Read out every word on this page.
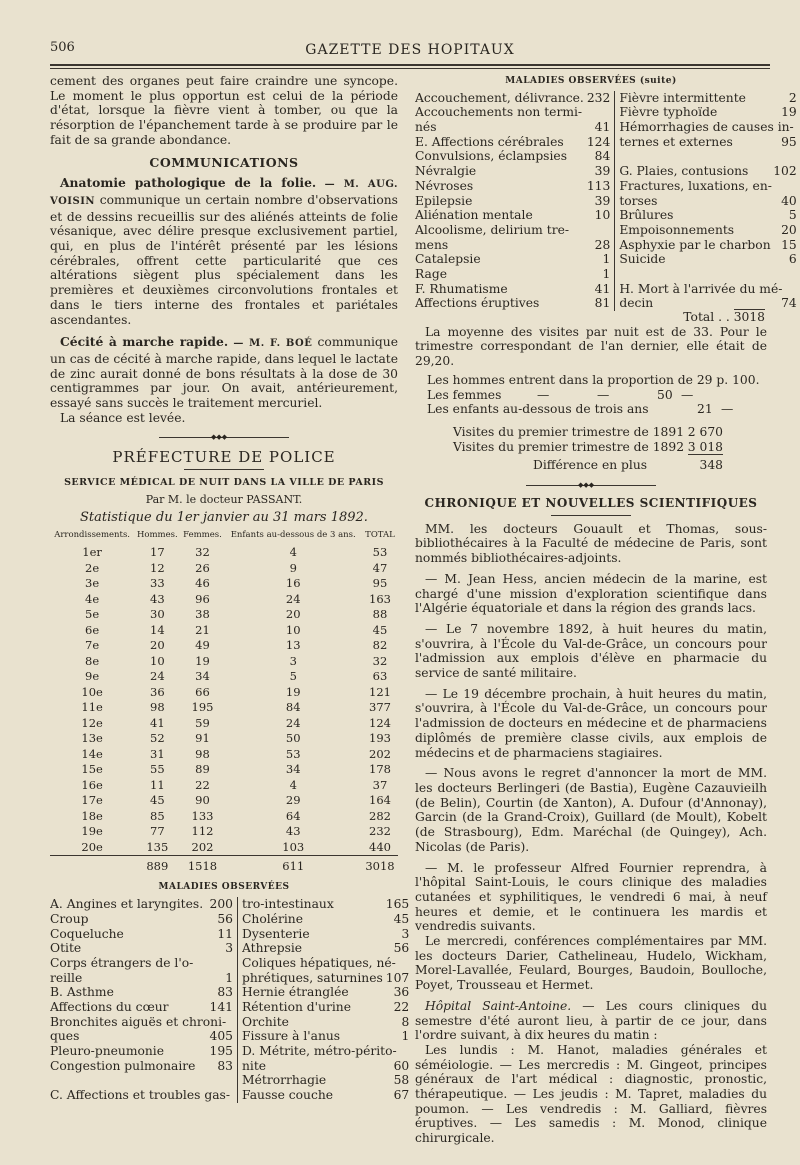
506	GAZETTE DES HOPITAUX

cement des organes peut faire craindre une syncope. Le moment le plus opportun est celui de la période d'état, lorsque la fièvre vient à tomber, ou que la résorption de l'épanchement tarde à se produire par le fait de sa grande abondance.

COMMUNICATIONS

Anatomie pathologique de la folie. — M. AUG. VOISIN communique un certain nombre d'observations et de dessins recueillis sur des aliénés atteints de folie vésanique, avec délire presque exclusivement partiel, qui, en plus de l'intérêt présenté par les lésions cérébrales, offrent cette particularité que ces altérations siègent plus spécialement dans les premières et deuxièmes circonvolutions frontales et dans le tiers interne des frontales et pariétales ascendantes.

Cécité à marche rapide. — M. F. BOÉ communique un cas de cécité à marche rapide, dans lequel le lactate de zinc aurait donné de bons résultats à la dose de 30 centigrammes par jour. On avait, antérieurement, essayé sans succès le traitement mercuriel.

La séance est levée.

◆◆◆
PRÉFECTURE DE POLICE
SERVICE MÉDICAL DE NUIT DANS LA VILLE DE PARIS
Par M. le docteur PASSANT.
Statistique du 1er janvier au 31 mars 1892.
Arrondissements.	Hommes.	Femmes.	Enfants au-dessous de 3 ans.	TOTAL
1er	17	32	4	53
2e	12	26	9	47
3e	33	46	16	95
4e	43	96	24	163
5e	30	38	20	88
6e	14	21	10	45
7e	20	49	13	82
8e	10	19	3	32
9e	24	34	5	63
10e	36	66	19	121
11e	98	195	84	377
12e	41	59	24	124
13e	52	91	50	193
14e	31	98	53	202
15e	55	89	34	178
16e	11	22	4	37
17e	45	90	29	164
18e	85	133	64	282
19e	77	112	43	232
20e	135	202	103	440
	889	1518	611	3018
MALADIES OBSERVÉES
A. Angines et laryngites. 200
Croup	56
Coqueluche	11
Otite	3
Corps étrangers de l'o-
reille	1
B. Asthme	83
Affections du cœur	141
Bronchites aiguës et chroni-
ques	405
Pleuro-pneumonie	195
Congestion pulmonaire 83
C. Affections et troubles gas-
tro-intestinaux	165
Cholérine	45
Dysenterie	3
Athrepsie	56
Coliques hépatiques, né-
phrétiques, saturnines 107
Hernie étranglée	36
Rétention d'urine	22
Orchite	8
Fissure à l'anus	1
D. Métrite, métro-périto-
nite	60
Métrorrhagie	58
Fausse couche	67
MALADIES OBSERVÉES (suite)
Accouchement, délivrance. 232
Accouchements non termi-
nés	41
E. Affections cérébrales 124
Convulsions, éclampsies 84
Névralgie	39
Névroses	113
Epilepsie	39
Aliénation mentale	10
Alcoolisme, delirium tre-
mens	28
Catalepsie	1
Rage	1
F. Rhumatisme	41
Affections éruptives	81
Fièvre intermittente	2
Fièvre typhoïde	19
Hémorrhagies de causes in-
ternes et externes	95
G. Plaies, contusions 102
Fractures, luxations, en-
torses	40
Brûlures	5
Empoisonnements	20
Asphyxie par le charbon 15
Suicide	6
H. Mort à l'arrivée du mé-
decin	74
Total . . 3018

La moyenne des visites par nuit est de 33. Pour le trimestre correspondant de l'an dernier, elle était de 29,20.

Les hommes entrent dans la proportion de 29 p. 100.
Les femmes	—	—	50 —
Les enfants au-dessous de trois ans	21 —
Visites du premier trimestre de 1891 2 670
Visites du premier trimestre de 1892 3 018
Différence en plus	348
◆◆◆
CHRONIQUE ET NOUVELLES SCIENTIFIQUES

MM. les docteurs Gouault et Thomas, sous-bibliothécaires à la Faculté de médecine de Paris, sont nommés bibliothécaires-adjoints.

— M. Jean Hess, ancien médecin de la marine, est chargé d'une mission d'exploration scientifique dans l'Algérie équatoriale et dans la région des grands lacs.

— Le 7 novembre 1892, à huit heures du matin, s'ouvrira, à l'École du Val-de-Grâce, un concours pour l'admission aux emplois d'élève en pharmacie du service de santé militaire.

— Le 19 décembre prochain, à huit heures du matin, s'ouvrira, à l'École du Val-de-Grâce, un concours pour l'admission de docteurs en médecine et de pharmaciens diplômés de première classe civils, aux emplois de médecins et de pharmaciens stagiaires.

— Nous avons le regret d'annoncer la mort de MM. les docteurs Berlingeri (de Bastia), Eugène Cazauvieilh (de Belin), Courtin (de Xanton), A. Dufour (d'Annonay), Garcin (de la Grand-Croix), Guillard (de Moult), Kobelt (de Strasbourg), Edm. Maréchal (de Quingey), Ach. Nicolas (de Paris).

— M. le professeur Alfred Fournier reprendra, à l'hôpital Saint-Louis, le cours clinique des maladies cutanées et syphilitiques, le vendredi 6 mai, à neuf heures et demie, et le continuera les mardis et vendredis suivants.

Le mercredi, conférences complémentaires par MM. les docteurs Darier, Cathelineau, Hudelo, Wickham, Morel-Lavallée, Feulard, Bourges, Baudoin, Boulloche, Poyet, Trousseau et Hermet.

Hôpital Saint-Antoine. — Les cours cliniques du semestre d'été auront lieu, à partir de ce jour, dans l'ordre suivant, à dix heures du matin :

Les lundis : M. Hanot, maladies générales et séméiologie. — Les mercredis : M. Gingeot, principes généraux de l'art médical : diagnostic, pronostic, thérapeutique. — Les jeudis : M. Tapret, maladies du poumon. — Les vendredis : M. Galliard, fièvres éruptives. — Les samedis : M. Monod, clinique chirurgicale.
